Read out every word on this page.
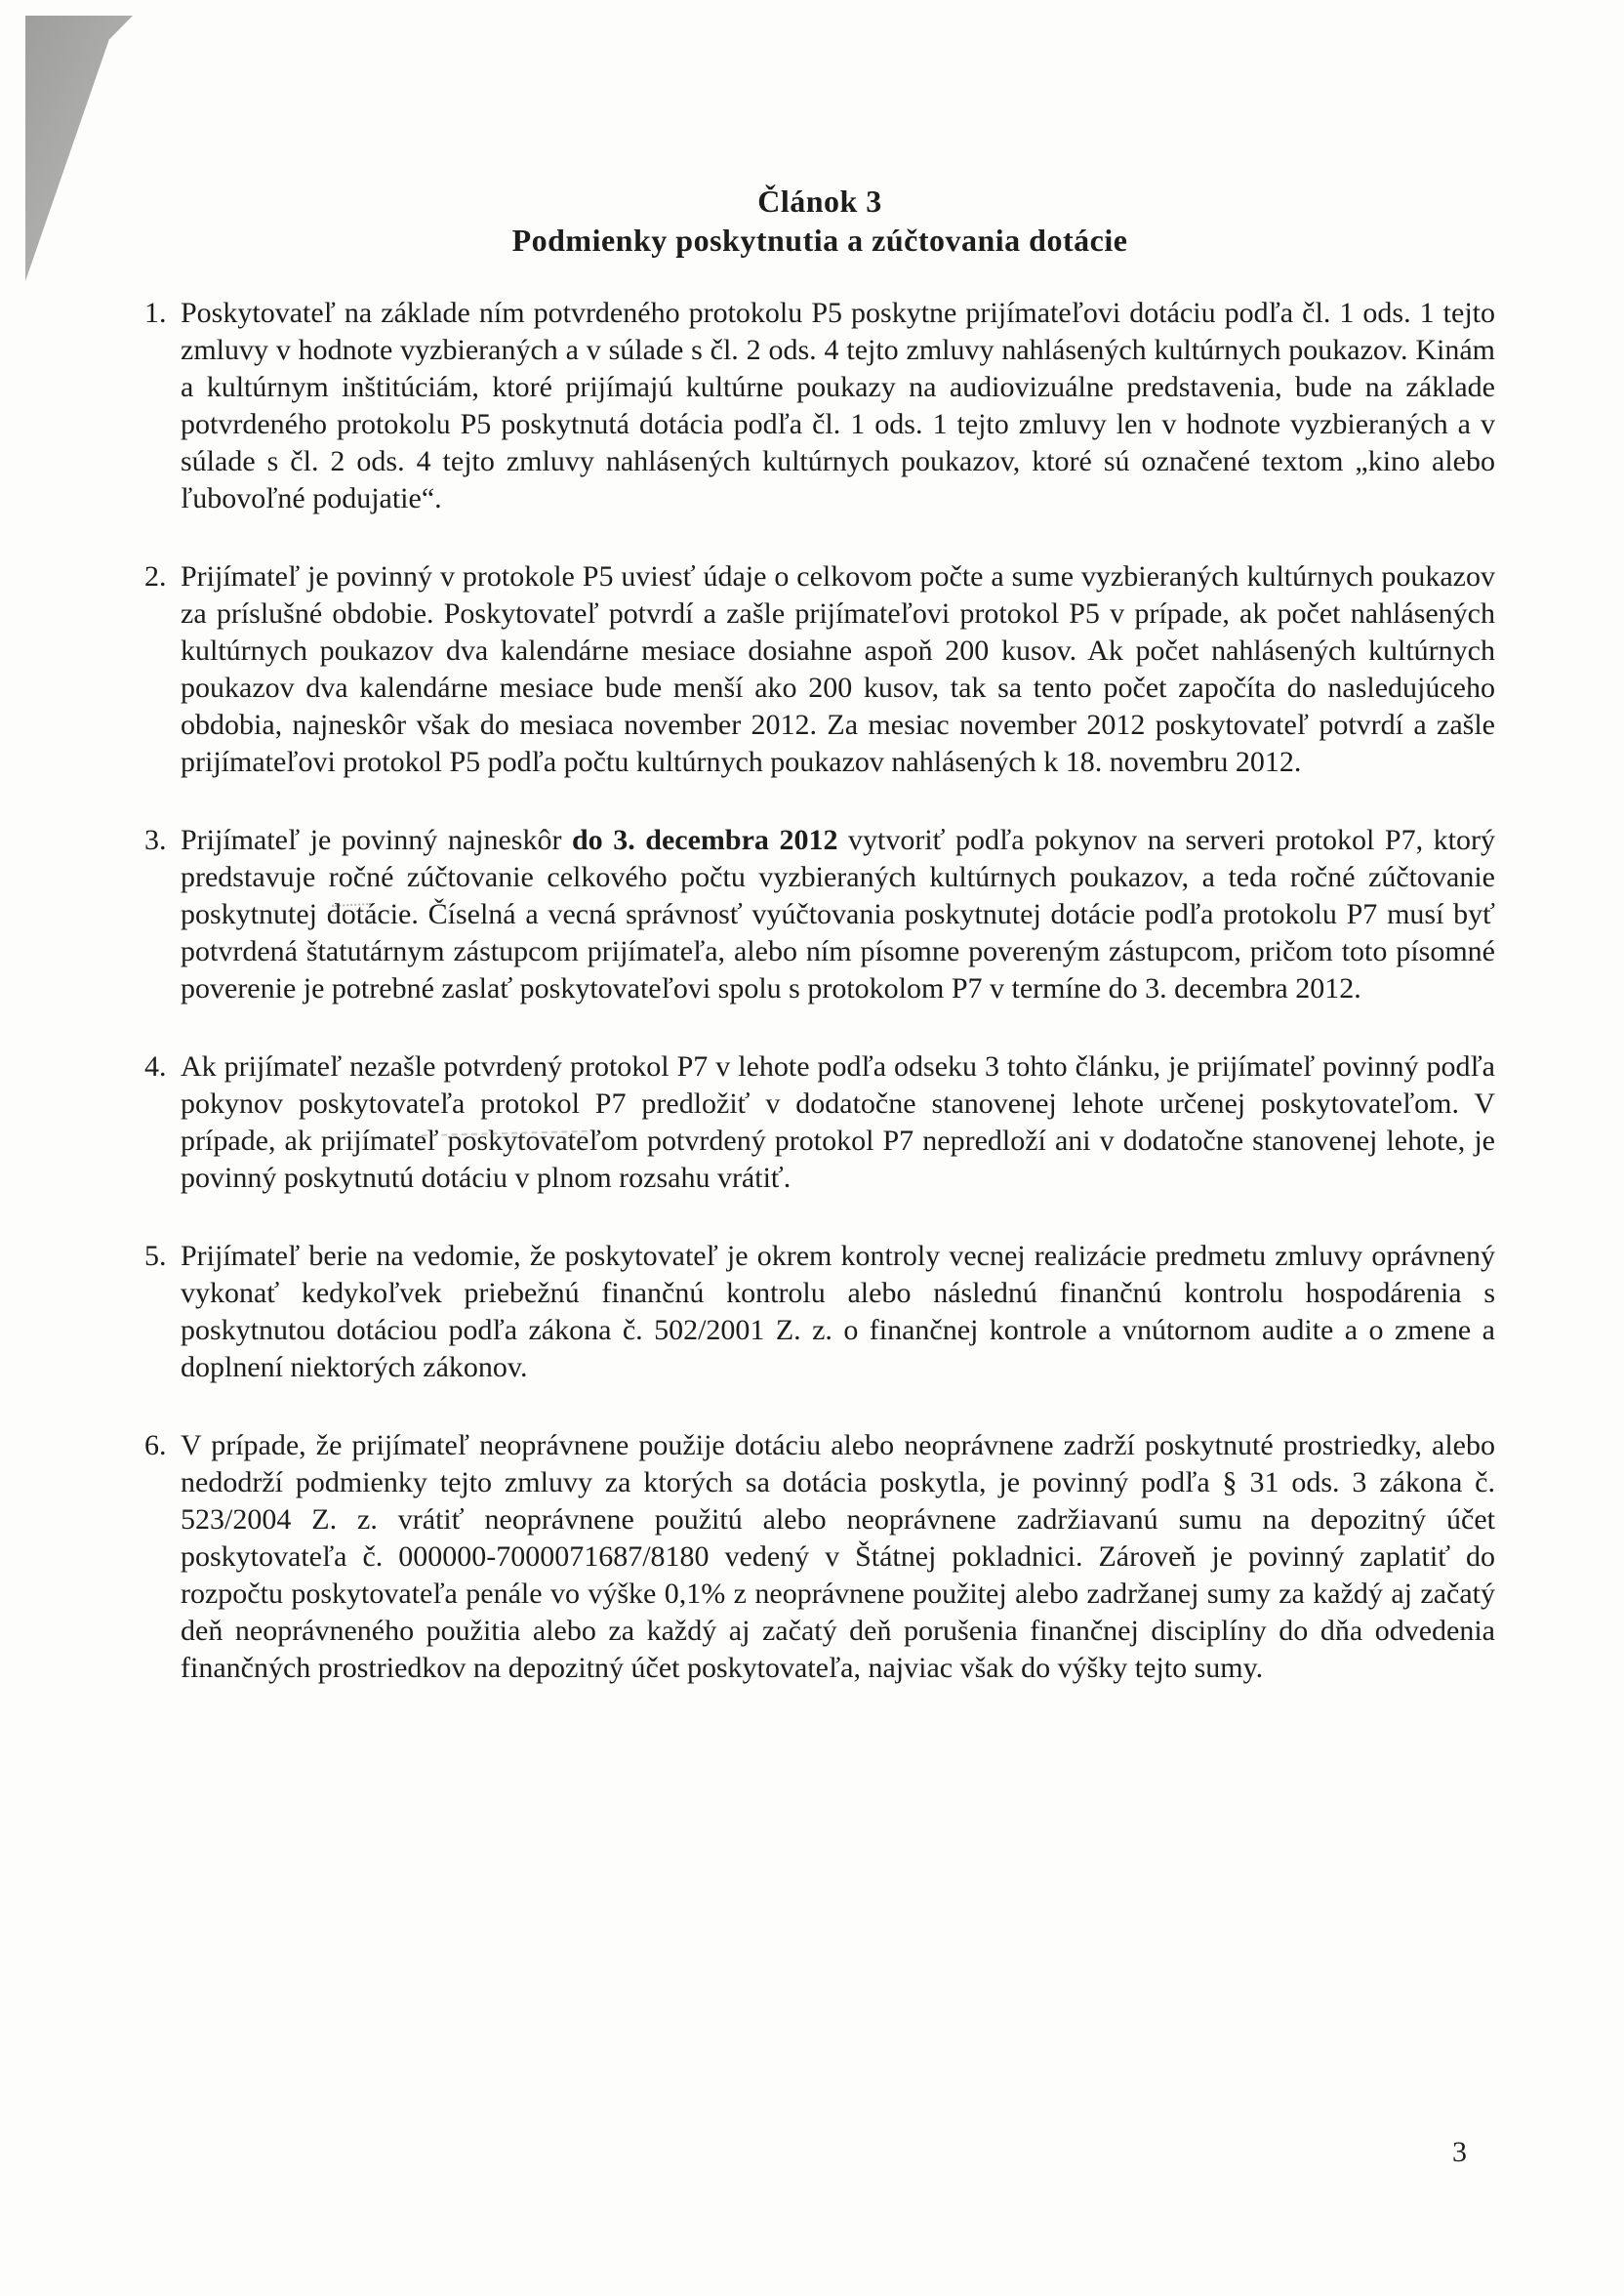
Článok 3
Podmienky poskytnutia a zúčtovania dotácie
1. Poskytovateľ na základe ním potvrdeného protokolu P5 poskytne prijímateľovi dotáciu podľa čl. 1 ods. 1 tejto zmluvy v hodnote vyzbieraných a v súlade s čl. 2 ods. 4 tejto zmluvy nahlásených kultúrnych poukazov. Kinám a kultúrnym inštitúciám, ktoré prijímajú kultúrne poukazy na audiovizuálne predstavenia, bude na základe potvrdeného protokolu P5 poskytnutá dotácia podľa čl. 1 ods. 1 tejto zmluvy len v hodnote vyzbieraných a v súlade s čl. 2 ods. 4 tejto zmluvy nahlásených kultúrnych poukazov, ktoré sú označené textom „kino alebo ľubovoľné podujatie“.
2. Prijímateľ je povinný v protokole P5 uviesť údaje o celkovom počte a sume vyzbieraných kultúrnych poukazov za príslušné obdobie. Poskytovateľ potvrdí a zašle prijímateľovi protokol P5 v prípade, ak počet nahlásených kultúrnych poukazov dva kalendárne mesiace dosiahne aspoň 200 kusov. Ak počet nahlásených kultúrnych poukazov dva kalendárne mesiace bude menší ako 200 kusov, tak sa tento počet započíta do nasledujúceho obdobia, najneskôr však do mesiaca november 2012. Za mesiac november 2012 poskytovateľ potvrdí a zašle prijímateľovi protokol P5 podľa počtu kultúrnych poukazov nahlásených k 18. novembru 2012.
3. Prijímateľ je povinný najneskôr do 3. decembra 2012 vytvoriť podľa pokynov na serveri protokol P7, ktorý predstavuje ročné zúčtovanie celkového počtu vyzbieraných kultúrnych poukazov, a teda ročné zúčtovanie poskytnutej dotácie. Číselná a vecná správnosť vyúčtovania poskytnutej dotácie podľa protokolu P7 musí byť potvrdená štatutárnym zástupcom prijímateľa, alebo ním písomne povereným zástupcom, pričom toto písomné poverenie je potrebné zaslať poskytovateľovi spolu s protokolom P7 v termíne do 3. decembra 2012.
4. Ak prijímateľ nezašle potvrdený protokol P7 v lehote podľa odseku 3 tohto článku, je prijímateľ povinný podľa pokynov poskytovateľa protokol P7 predložiť v dodatočne stanovenej lehote určenej poskytovateľom. V prípade, ak prijímateľ poskytovateľom potvrdený protokol P7 nepredloží ani v dodatočne stanovenej lehote, je povinný poskytnutú dotáciu v plnom rozsahu vrátiť.
5. Prijímateľ berie na vedomie, že poskytovateľ je okrem kontroly vecnej realizácie predmetu zmluvy oprávnený vykonať kedykoľvek priebežnú finančnú kontrolu alebo následnú finančnú kontrolu hospodárenia s poskytnutou dotáciou podľa zákona č. 502/2001 Z. z. o finančnej kontrole a vnútornom audite a o zmene a doplnení niektorých zákonov.
6. V prípade, že prijímateľ neoprávnene použije dotáciu alebo neoprávnene zadrží poskytnuté prostriedky, alebo nedodrží podmienky tejto zmluvy za ktorých sa dotácia poskytla, je povinný podľa § 31 ods. 3 zákona č. 523/2004 Z. z. vrátiť neoprávnene použitú alebo neoprávnene zadržiavanú sumu na depozitný účet poskytovateľa č. 000000-7000071687/8180 vedený v Štátnej pokladnici. Zároveň je povinný zaplatiť do rozpočtu poskytovateľa penále vo výške 0,1% z neoprávnene použitej alebo zadržanej sumy za každý aj začatý deň neoprávneného použitia alebo za každý aj začatý deň porušenia finančnej disciplíny do dňa odvedenia finančných prostriedkov na depozitný účet poskytovateľa, najviac však do výšky tejto sumy.
3
